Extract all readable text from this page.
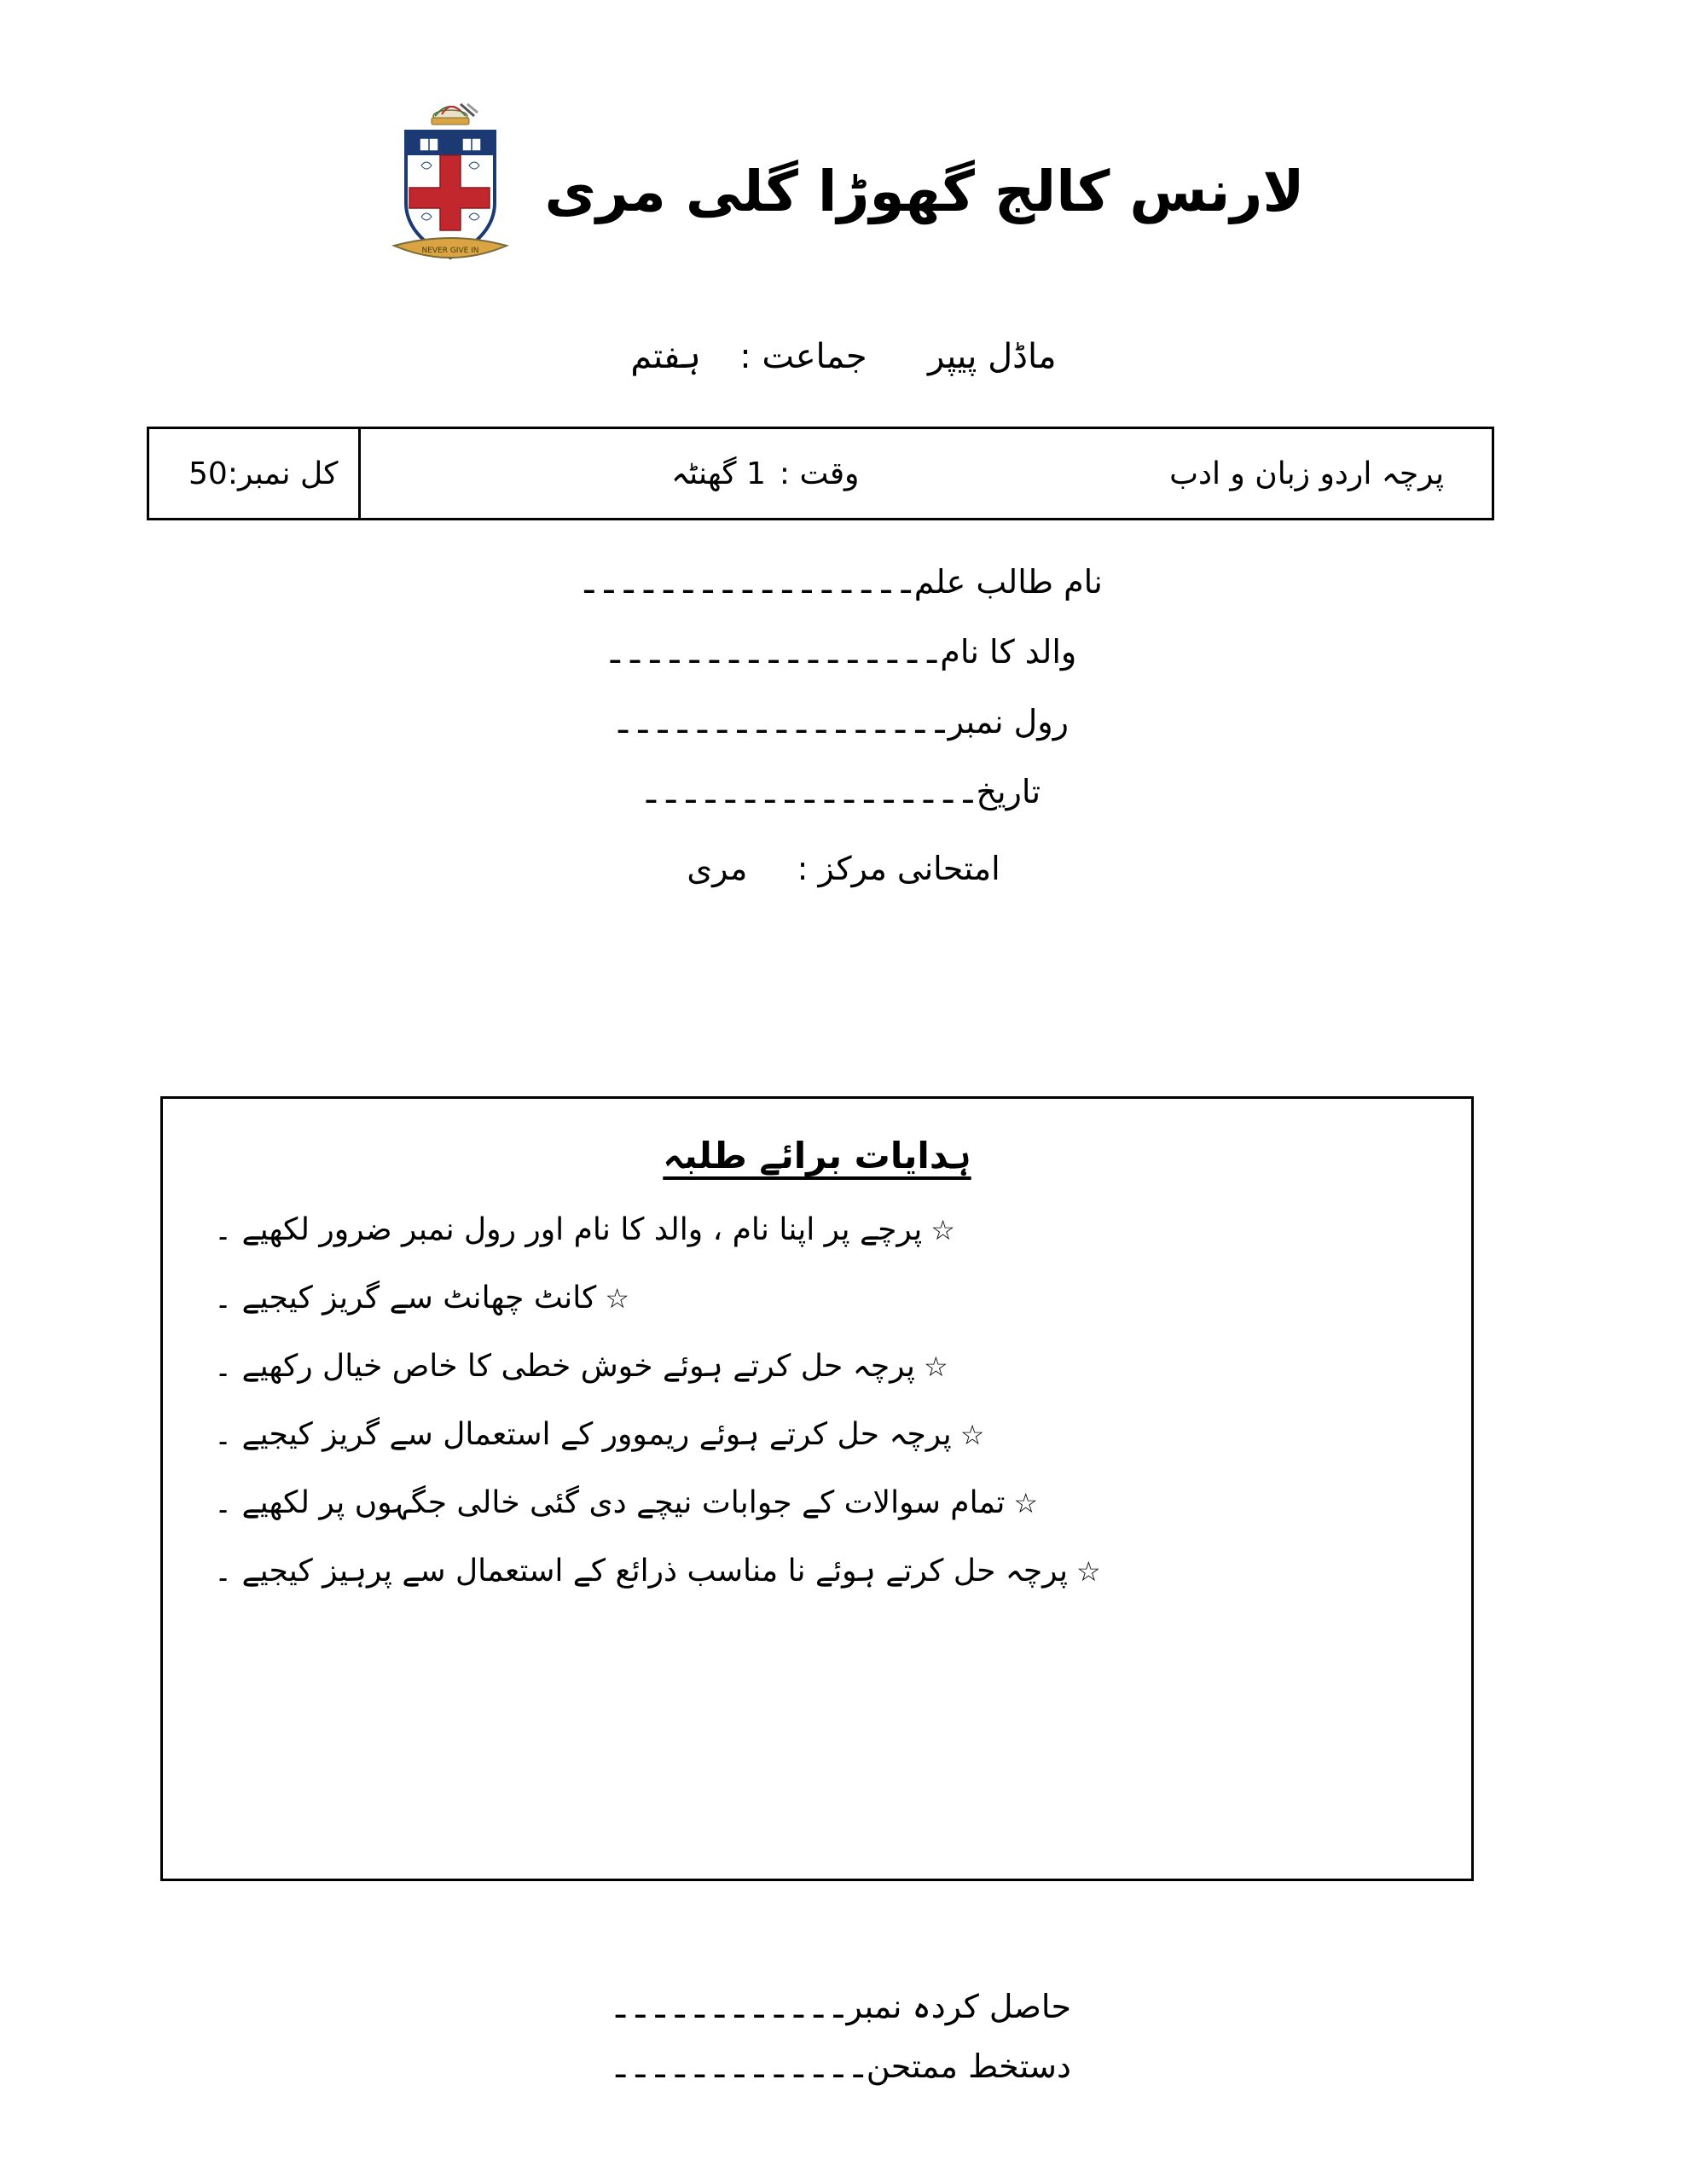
لارنس کالج گھوڑا گلی مری
NEVER GIVE IN
ماڈل پیپر  جماعت :  ہفتم
پرچہ اردو زبان و ادب
وقت :
1 گھنٹہ
کل نمبر:
50
نام طالب علم
ـ ـ ـ ـ ـ ـ ـ ـ ـ ـ ـ ـ ـ ـ ـ ـ ـ
والد کا نام
ـ ـ ـ ـ ـ ـ ـ ـ ـ ـ ـ ـ ـ ـ ـ ـ ـ
رول نمبر
ـ ـ ـ ـ ـ ـ ـ ـ ـ ـ ـ ـ ـ ـ ـ ـ ـ
تاریخ
ـ ـ ـ ـ ـ ـ ـ ـ ـ ـ ـ ـ ـ ـ ـ ـ ـ
امتحانی مرکز :  مری
ہدایات برائے طلبہ
☆
پرچے پر اپنا نام ، والد کا نام اور رول نمبر ضرور لکھیے ۔
☆
کانٹ چھانٹ سے گریز کیجیے ۔
☆
پرچہ حل کرتے ہوئے خوش خطی کا خاص خیال رکھیے ۔
☆
پرچہ حل کرتے ہوئے ریموور کے استعمال سے گریز کیجیے ۔
☆
تمام سوالات کے جوابات نیچے دی گئی خالی جگہوں پر لکھیے ۔
☆
پرچہ حل کرتے ہوئے نا مناسب ذرائع کے استعمال سے پرہیز کیجیے ۔
حاصل کردہ نمبر
ـ ـ ـ ـ ـ ـ ـ ـ ـ ـ ـ ـ
دستخط ممتحن
ـ ـ ـ ـ ـ ـ ـ ـ ـ ـ ـ ـ ـ
